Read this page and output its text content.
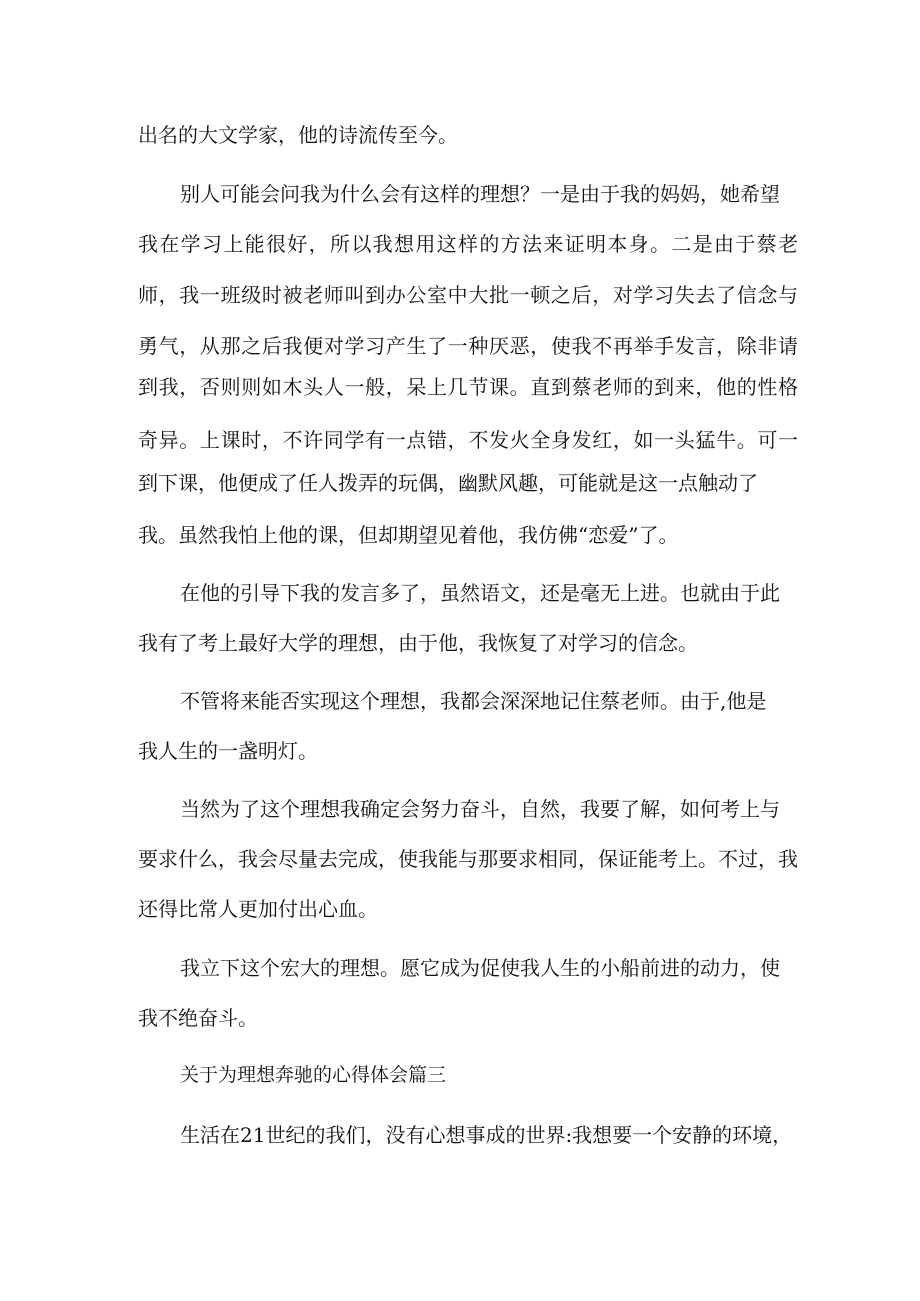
出名的大文学家，他的诗流传至今。
别人可能会问我为什么会有这样的理想？一是由于我的妈妈，她希望
我在学习上能很好，所以我想用这样的方法来证明本身。二是由于蔡老
师，我一班级时被老师叫到办公室中大批一顿之后，对学习失去了信念与
勇气，从那之后我便对学习产生了一种厌恶，使我不再举手发言，除非请
到我，否则则如木头人一般，呆上几节课。直到蔡老师的到来，他的性格
奇异。上课时，不许同学有一点错，不发火全身发红，如一头猛牛。可一
到下课，他便成了任人拨弄的玩偶，幽默风趣，可能就是这一点触动了
我。虽然我怕上他的课，但却期望见着他，我仿佛“恋爱”了。
在他的引导下我的发言多了，虽然语文，还是毫无上进。也就由于此
我有了考上最好大学的理想，由于他，我恢复了对学习的信念。
不管将来能否实现这个理想，我都会深深地记住蔡老师。由于,他是
我人生的一盏明灯。
当然为了这个理想我确定会努力奋斗，自然，我要了解，如何考上与
要求什么，我会尽量去完成，使我能与那要求相同，保证能考上。不过，我
还得比常人更加付出心血。
我立下这个宏大的理想。愿它成为促使我人生的小船前进的动力，使
我不绝奋斗。
关于为理想奔驰的心得体会篇三
生活在21世纪的我们，没有心想事成的世界:我想要一个安静的环境，
